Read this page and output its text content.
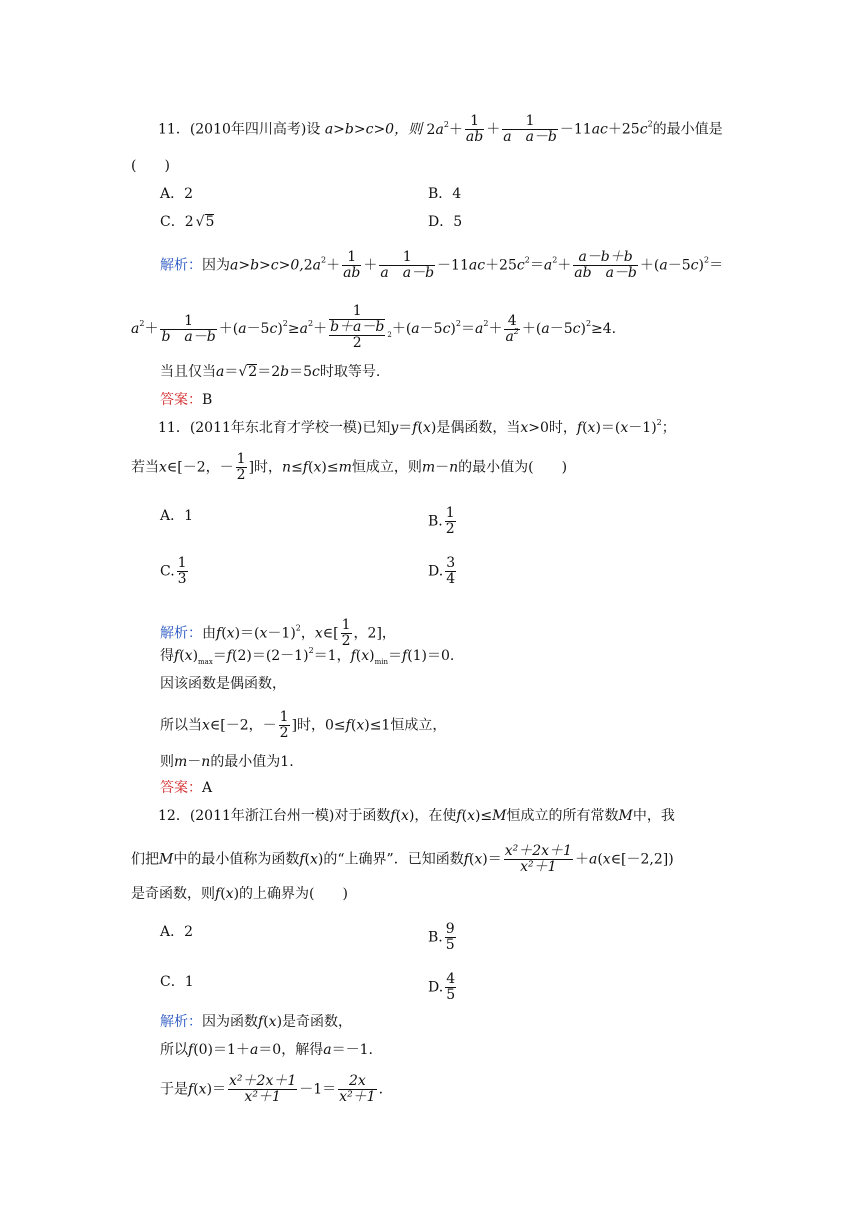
11．(2010年四川高考)设 a>b>c>0，则 $2a^2+ \frac{1}{ab} + \frac{1}{\text{a　a－b}} -11ac+25c^2$的最小值是
(　　)
A．2	B．4
C．2 √5	D．5
解析：因为$a>b>c>0,2a^2+ \frac{1}{ab} + \frac{1}{\text{a　a－b}} -11ac+25c^2=a^2+ \frac{a-b+b}{\text{ab　a－b}} +(a-5c)^2=$
$a^2+ \frac{1}{\text{b　a－b}} +(a-5c)^2\ge a^2+$
1
b＋a－b
2	$_2+(a-5c)^2=a^2+ \frac{4}{a^2} +(a-5c)^2\ge 4$.
当且仅当a＝√2＝2b＝5c时取等号.
答案：B
11．(2011年东北育才学校一模)已知y＝f(x)是偶函数，当x>0时，$f(x)=(x-1)^2$；
若当x∈[－2，－ $\frac{1}{2}$ ]时，n≤f(x)≤m恒成立，则m－n的最小值为(　　)
A．1	B. $\frac{1}{2}$
C. $\frac{1}{3}$	D. $\frac{3}{4}$
解析：由$f(x)=(x-1)^2$，x∈[ $\frac{1}{2}$ ，2]，
得$f(x)_{max}=f(2)=(2-1)^2=1$，$f(x)_{min}=f(1)=0$.
因该函数是偶函数，
所以当x∈[－2，－ $\frac{1}{2}$ ]时，0≤f(x)≤1恒成立，
则m－n的最小值为1.
答案：A
12．(2011年浙江台州一模)对于函数f(x)，在使f(x)≤M恒成立的所有常数M中，我
们把M中的最小值称为函数f(x)的“上确界”．已知函数$f(x)= \frac{\text{x²＋2x＋1}}{\text{x²＋1}}$ ＋a(x∈[－2,2])
是奇函数，则f(x)的上确界为(　　)
A．2	B. $\frac{9}{5}$
C．1	D. $\frac{4}{5}$
解析：因为函数f(x)是奇函数，
所以f(0)＝1＋a＝0，解得a＝－1.
于是$f(x)= \frac{\text{x²＋2x＋1}}{\text{x²＋1}} -1= \frac{2x}{\text{x²＋1}}$ .
